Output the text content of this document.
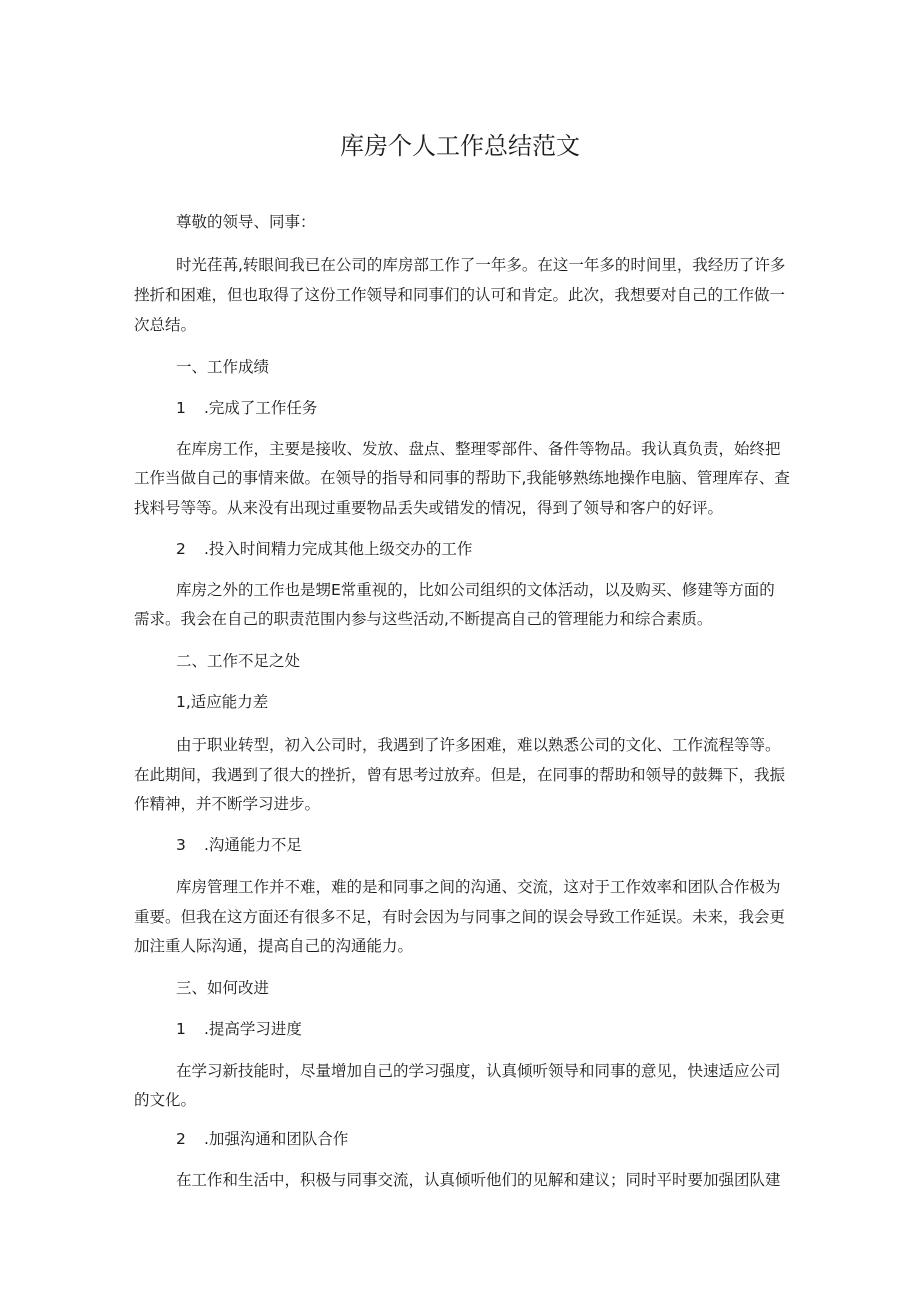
库房个人工作总结范文
尊敬的领导、同事：
时光荏苒,转眼间我已在公司的库房部工作了一年多。在这一年多的时间里，我经历了许多
挫折和困难，但也取得了这份工作领导和同事们的认可和肯定。此次，我想要对自己的工作做一
次总结。
一、工作成绩
1 .完成了工作任务
在库房工作，主要是接收、发放、盘点、整理零部件、备件等物品。我认真负责，始终把
工作当做自己的事情来做。在领导的指导和同事的帮助下,我能够熟练地操作电脑、管理库存、查
找料号等等。从来没有出现过重要物品丢失或错发的情况，得到了领导和客户的好评。
2 .投入时间精力完成其他上级交办的工作
库房之外的工作也是甥Ε常重视的，比如公司组织的文体活动，以及购买、修建等方面的
需求。我会在自己的职责范围内参与这些活动,不断提高自己的管理能力和综合素质。
二、工作不足之处
1,适应能力差
由于职业转型，初入公司时，我遇到了许多困难，难以熟悉公司的文化、工作流程等等。
在此期间，我遇到了很大的挫折，曾有思考过放弃。但是，在同事的帮助和领导的鼓舞下，我振
作精神，并不断学习进步。
3 .沟通能力不足
库房管理工作并不难，难的是和同事之间的沟通、交流，这对于工作效率和团队合作极为
重要。但我在这方面还有很多不足，有时会因为与同事之间的误会导致工作延误。未来，我会更
加注重人际沟通，提高自己的沟通能力。
三、如何改进
1 .提高学习进度
在学习新技能时，尽量增加自己的学习强度，认真倾听领导和同事的意见，快速适应公司
的文化。
2 .加强沟通和团队合作
在工作和生活中，积极与同事交流，认真倾听他们的见解和建议；同时平时要加强团队建
